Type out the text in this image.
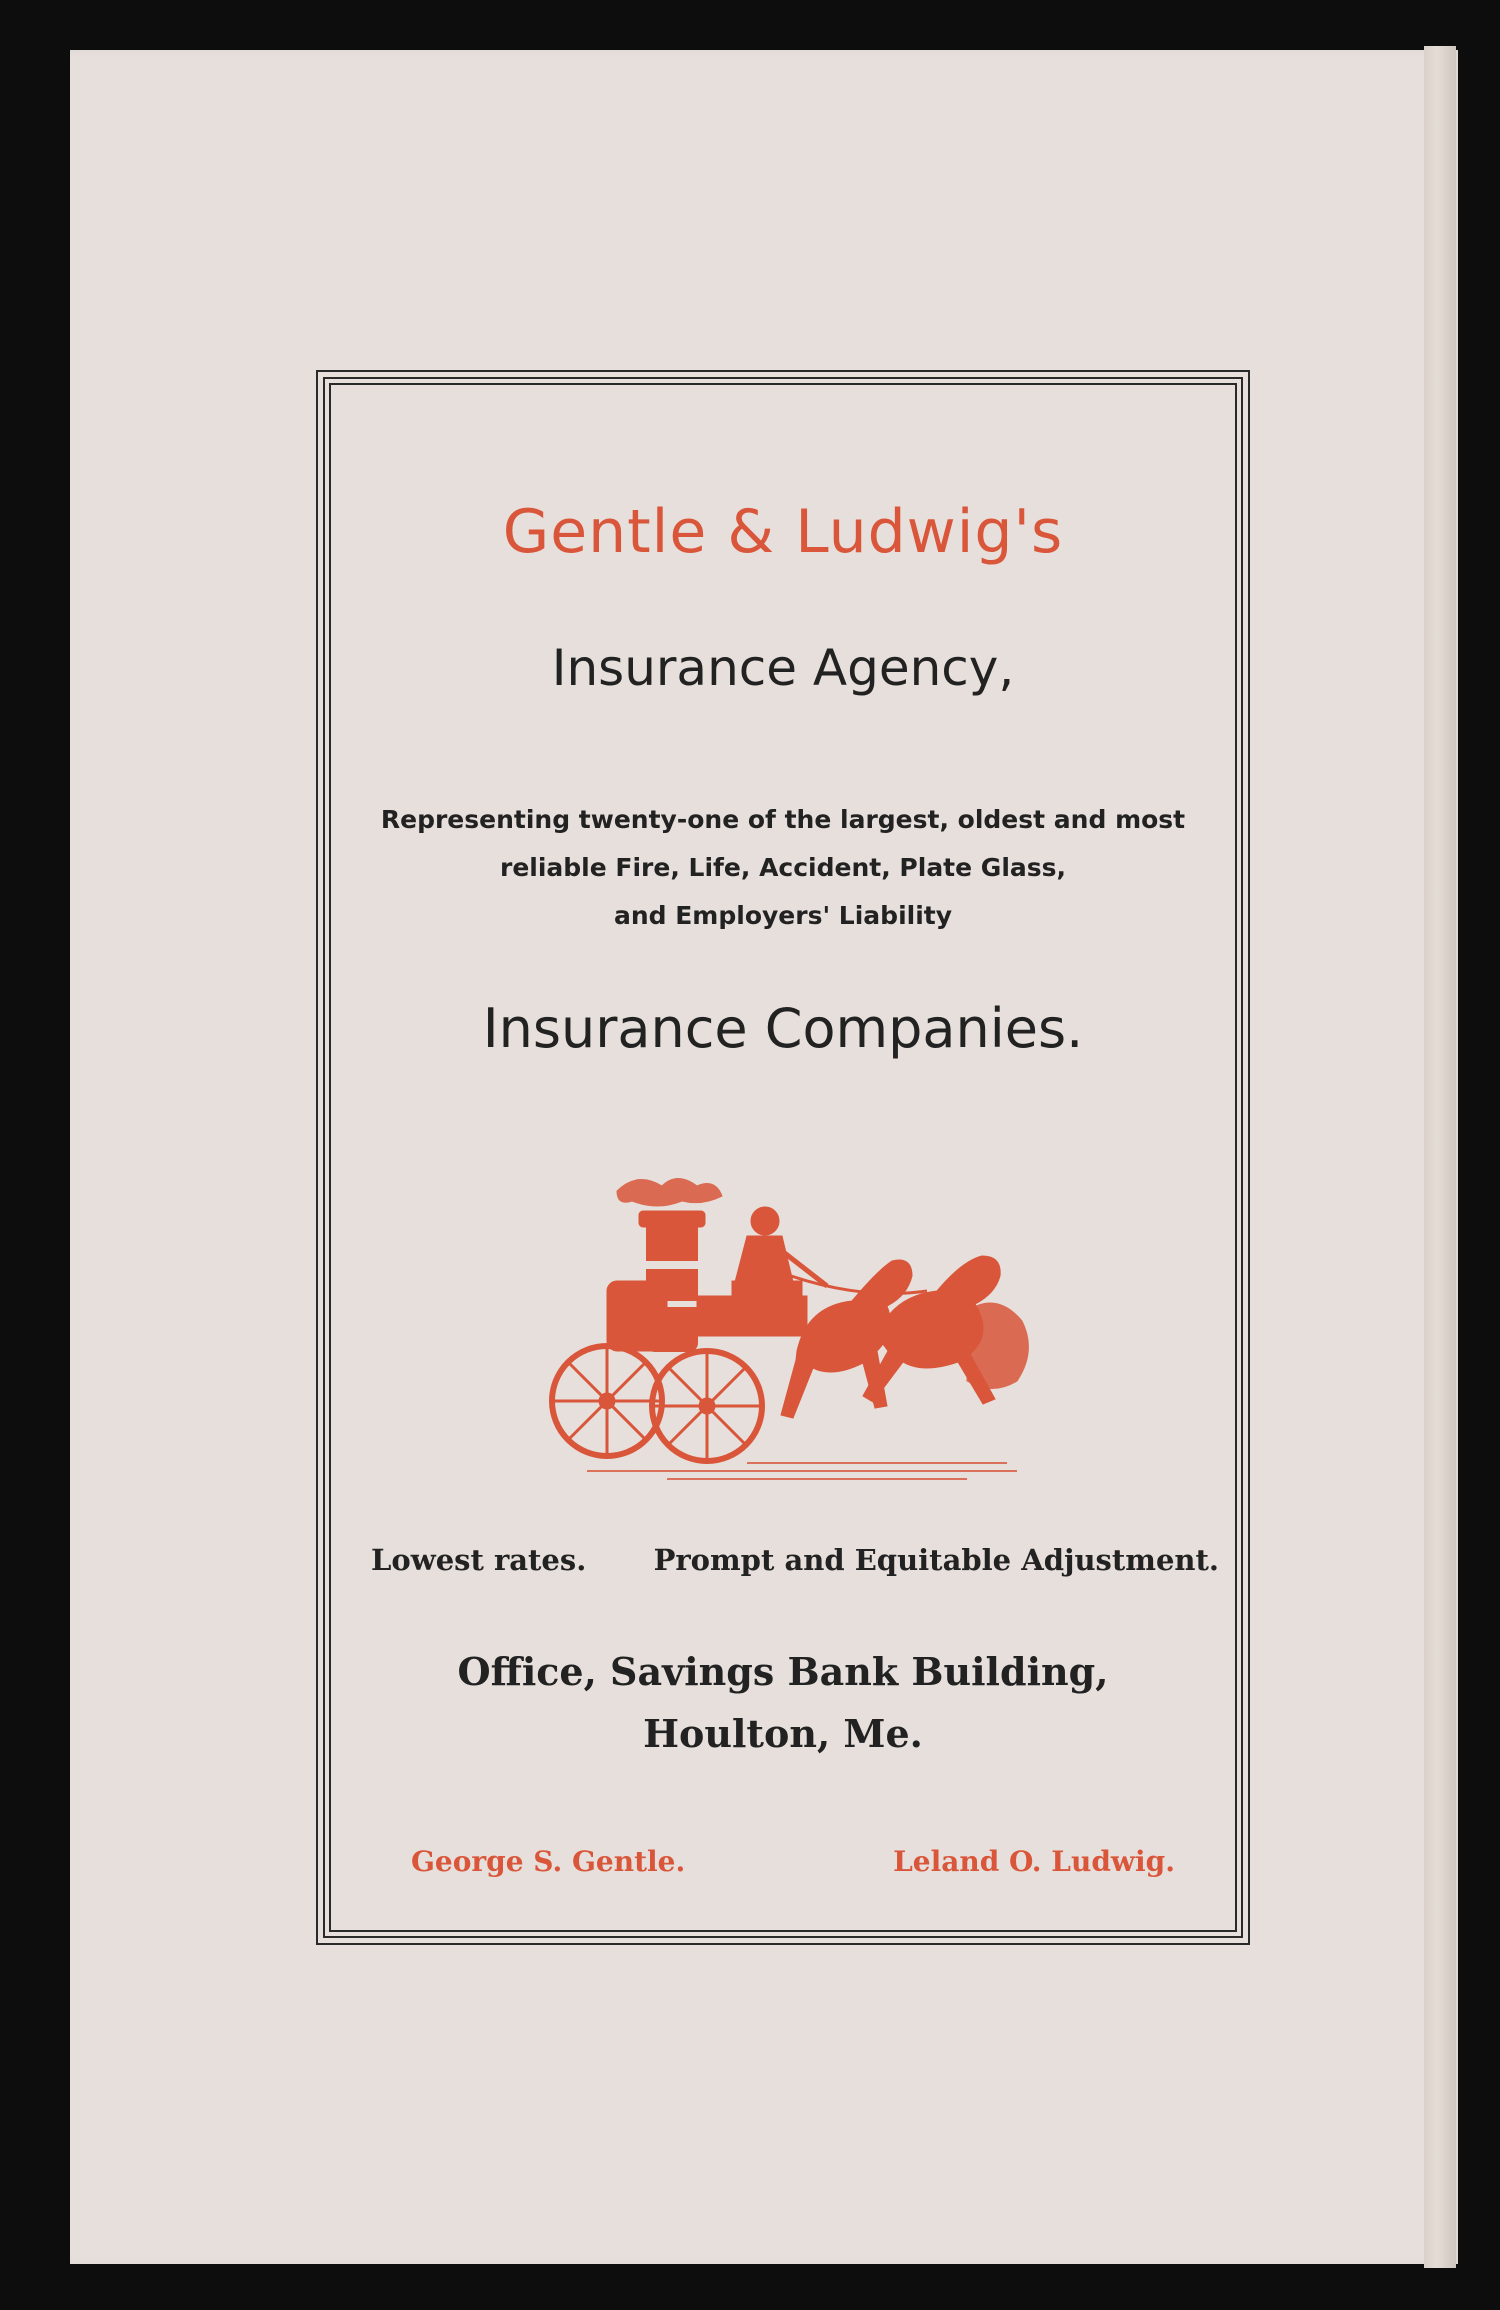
Gentle & Ludwig's
Insurance Agency,
Representing twenty-one of the largest, oldest and most
reliable Fire, Life, Accident, Plate Glass,
and Employers' Liability
Insurance Companies.
Lowest rates. Prompt and Equitable Adjustment.
Office, Savings Bank Building,
Houlton, Me.
George S. Gentle.	Leland O. Ludwig.
